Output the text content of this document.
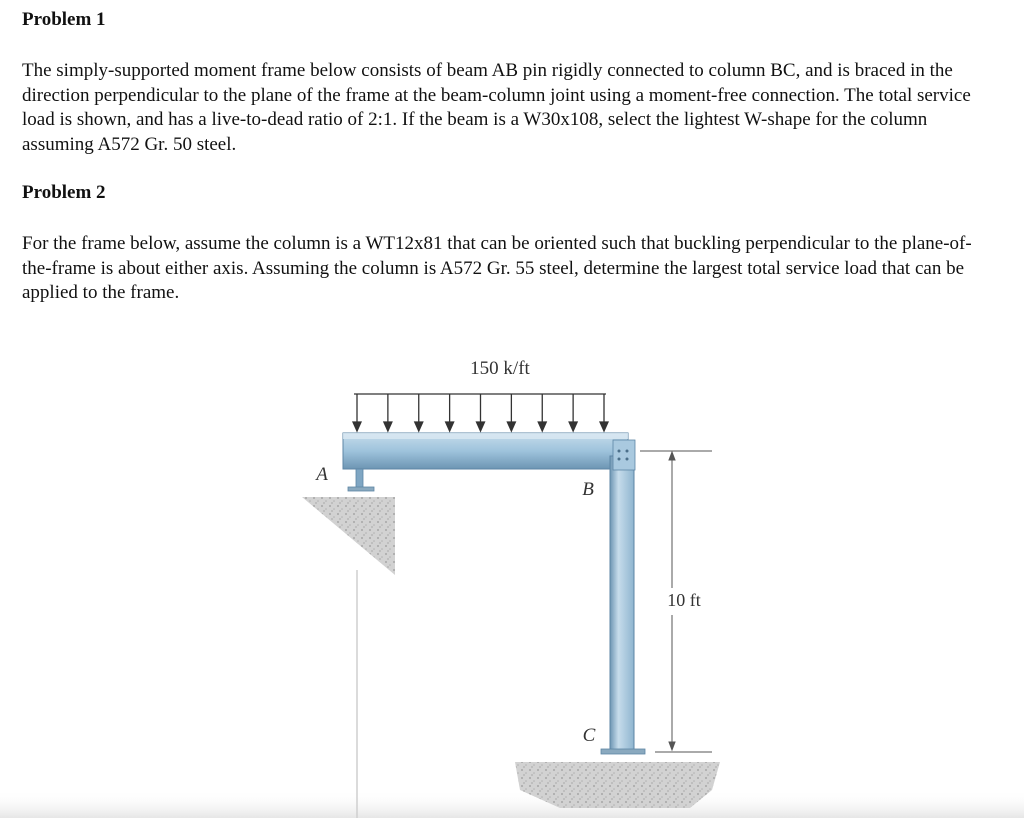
Problem 1

The simply-supported moment frame below consists of beam AB pin rigidly connected to column BC, and is braced in the direction perpendicular to the plane of the frame at the beam-column joint using a moment-free connection. The total service load is shown, and has a live-to-dead ratio of 2:1. If the beam is a W30x108, select the lightest W-shape for the column assuming A572 Gr. 50 steel.

Problem 2

For the frame below, assume the column is a WT12x81 that can be oriented such that buckling perpendicular to the plane-of-the-frame is about either axis. Assuming the column is A572 Gr. 55 steel, determine the largest total service load that can be applied to the frame.

150 k/ft
10 ft
A
B
C
